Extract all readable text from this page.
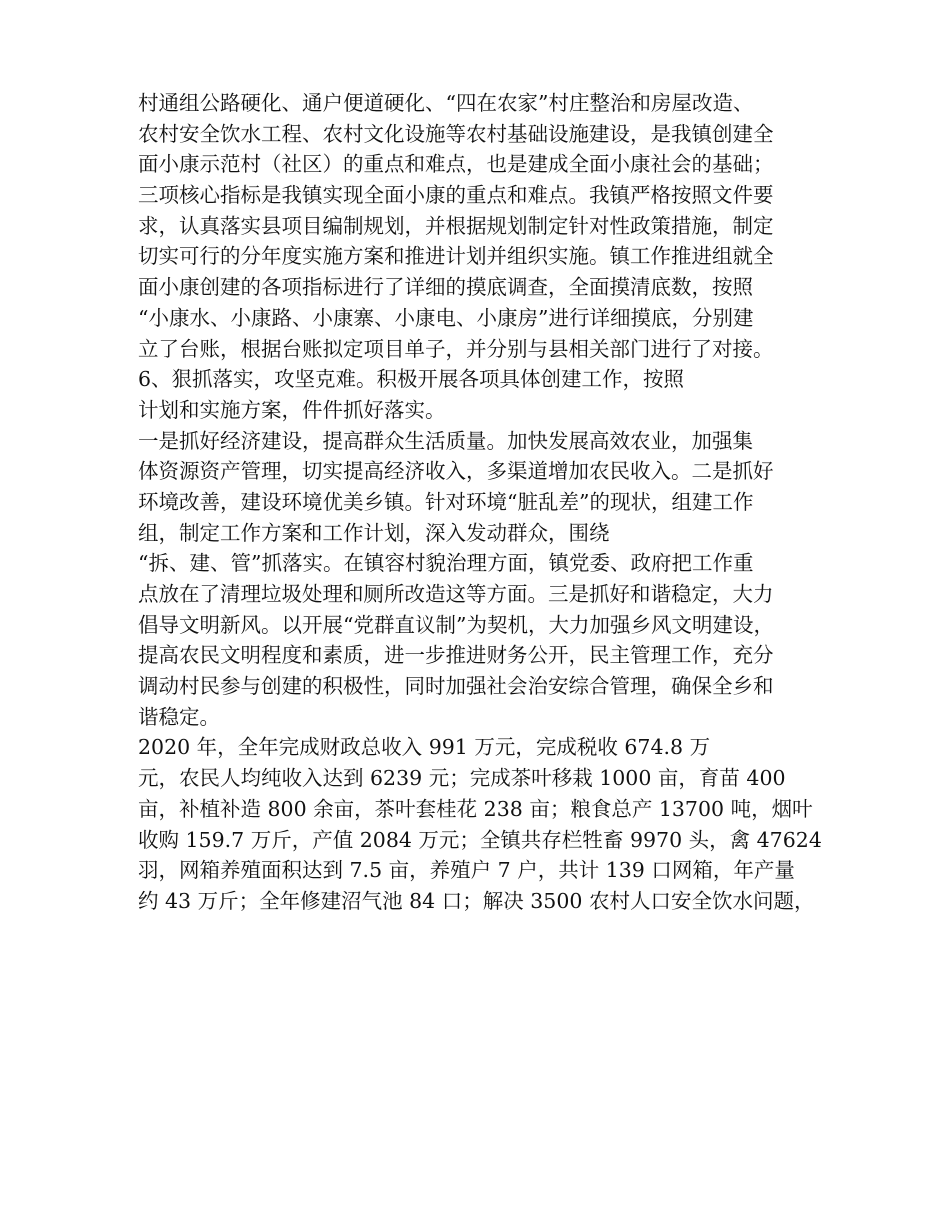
村通组公路硬化、通户便道硬化、“四在农家”村庄整治和房屋改造、
农村安全饮水工程、农村文化设施等农村基础设施建设，是我镇创建全
面小康示范村（社区）的重点和难点，也是建成全面小康社会的基础；
三项核心指标是我镇实现全面小康的重点和难点。我镇严格按照文件要
求，认真落实县项目编制规划，并根据规划制定针对性政策措施，制定
切实可行的分年度实施方案和推进计划并组织实施。镇工作推进组就全
面小康创建的各项指标进行了详细的摸底调查，全面摸清底数，按照
“小康水、小康路、小康寨、小康电、小康房”进行详细摸底，分别建
立了台账，根据台账拟定项目单子，并分别与县相关部门进行了对接。
6、狠抓落实，攻坚克难。积极开展各项具体创建工作，按照
计划和实施方案，件件抓好落实。
一是抓好经济建设，提高群众生活质量。加快发展高效农业，加强集
体资源资产管理，切实提高经济收入，多渠道增加农民收入。二是抓好
环境改善，建设环境优美乡镇。针对环境“脏乱差”的现状，组建工作
组，制定工作方案和工作计划，深入发动群众，围绕
“拆、建、管”抓落实。在镇容村貌治理方面，镇党委、政府把工作重
点放在了清理垃圾处理和厕所改造这等方面。三是抓好和谐稳定，大力
倡导文明新风。以开展“党群直议制”为契机，大力加强乡风文明建设，
提高农民文明程度和素质，进一步推进财务公开，民主管理工作，充分
调动村民参与创建的积极性，同时加强社会治安综合管理，确保全乡和
谐稳定。
2020 年，全年完成财政总收入 991 万元，完成税收 674.8 万
元，农民人均纯收入达到 6239 元；完成茶叶移栽 1000 亩，育苗 400
亩，补植补造 800 余亩，茶叶套桂花 238 亩；粮食总产 13700 吨，烟叶
收购 159.7 万斤，产值 2084 万元；全镇共存栏牲畜 9970 头，禽 47624
羽，网箱养殖面积达到 7.5 亩，养殖户 7 户，共计 139 口网箱，年产量
约 43 万斤；全年修建沼气池 84 口；解决 3500 农村人口安全饮水问题，
